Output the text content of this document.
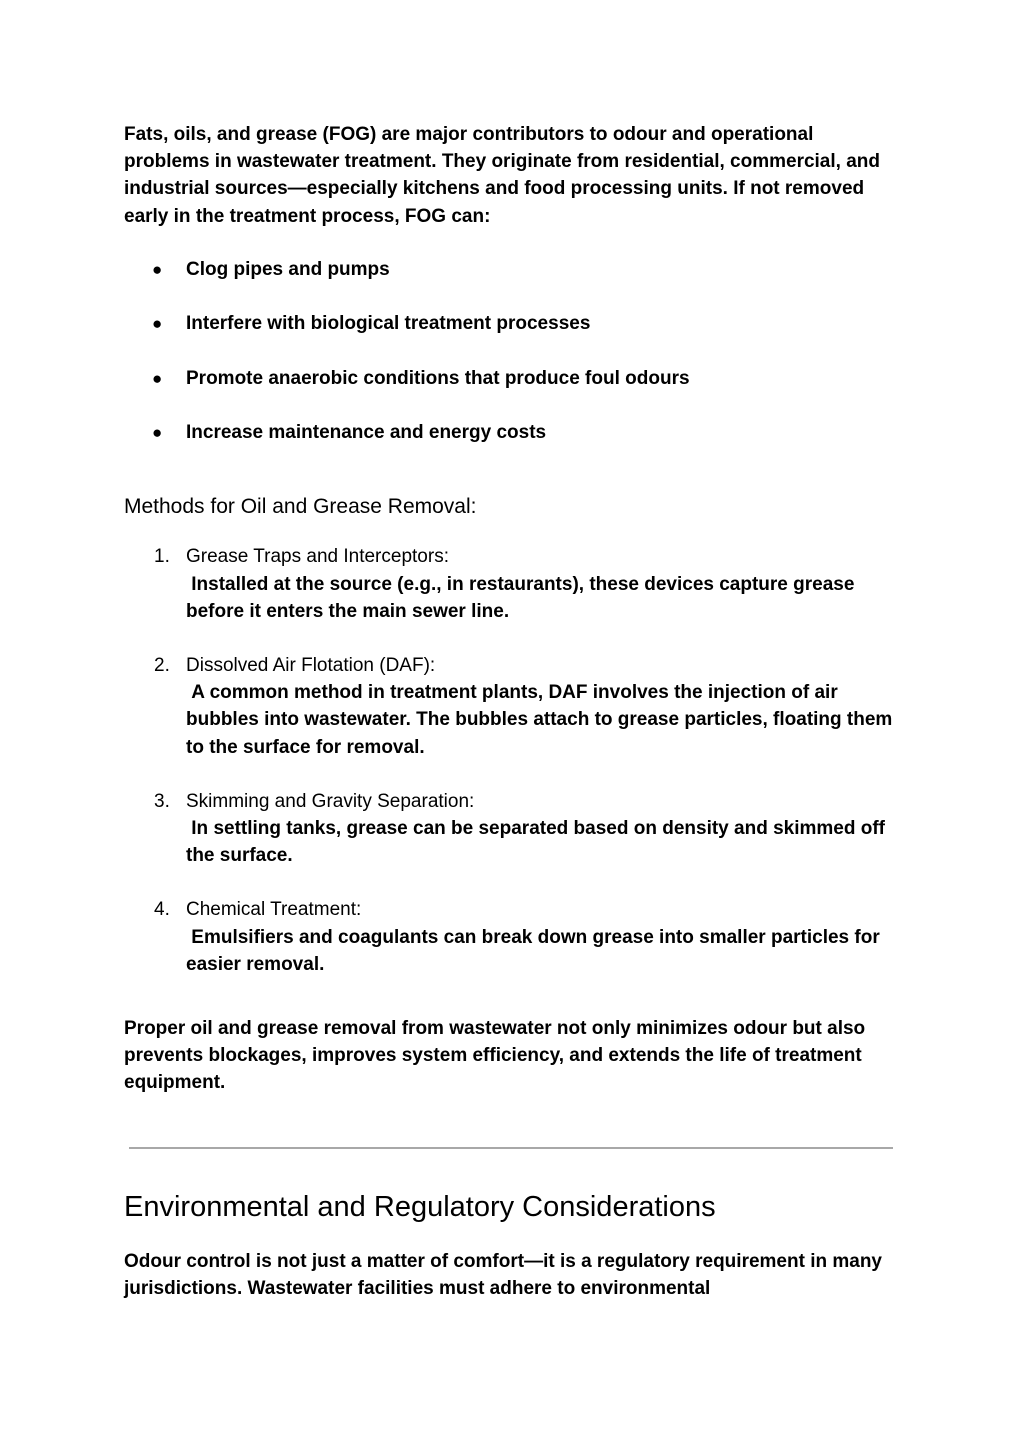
Fats, oils, and grease (FOG) are major contributors to odour and operational problems in wastewater treatment. They originate from residential, commercial, and industrial sources—especially kitchens and food processing units. If not removed early in the treatment process, FOG can:

● Clog pipes and pumps
● Interfere with biological treatment processes
● Promote anaerobic conditions that produce foul odours
● Increase maintenance and energy costs
Methods for Oil and Grease Removal:
1. Grease Traps and Interceptors:
Installed at the source (e.g., in restaurants), these devices capture grease before it enters the main sewer line.
2. Dissolved Air Flotation (DAF):
A common method in treatment plants, DAF involves the injection of air bubbles into wastewater. The bubbles attach to grease particles, floating them to the surface for removal.
3. Skimming and Gravity Separation:
In settling tanks, grease can be separated based on density and skimmed off the surface.
4. Chemical Treatment:
Emulsifiers and coagulants can break down grease into smaller particles for easier removal.

Proper oil and grease removal from wastewater not only minimizes odour but also prevents blockages, improves system efficiency, and extends the life of treatment equipment.

Environmental and Regulatory Considerations

Odour control is not just a matter of comfort—it is a regulatory requirement in many jurisdictions. Wastewater facilities must adhere to environmental
